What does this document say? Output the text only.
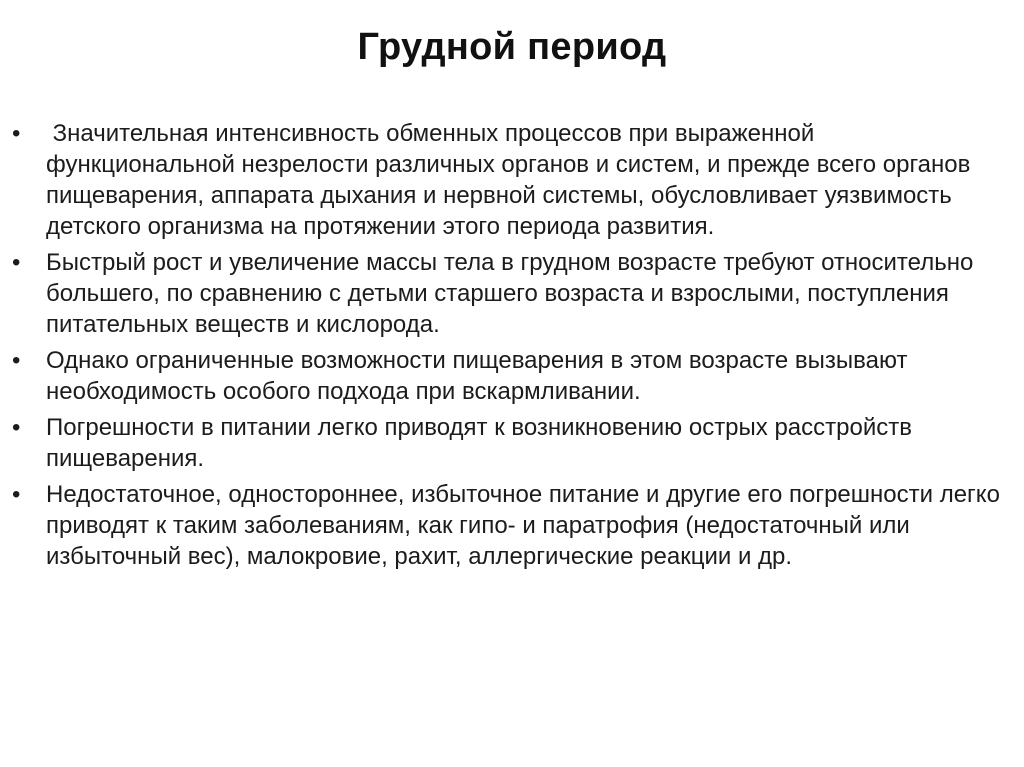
Грудной период
•	Значительная интенсивность обменных процессов при выраженной функциональной незрелости различных органов и систем, и прежде всего органов пищеварения, аппарата дыхания и нервной системы, обусловливает уязвимость детского организма на протяжении этого периода развития.
•	Быстрый рост и увеличение массы тела в грудном возрасте требуют относительно большего, по сравнению с детьми старшего возраста и взрослыми, поступления питательных веществ и кислорода.
•	Однако ограниченные возможности пищеварения в этом возрасте вызывают необходимость особого подхода при вскармливании.
•	Погрешности в питании легко приводят к возникновению острых расстройств пищеварения.
•	Недостаточное, одностороннее, избыточное питание и другие его погрешности легко приводят к таким заболеваниям, как гипо- и паратрофия (недостаточный или избыточный вес), малокровие, рахит, аллергические реакции и др.
